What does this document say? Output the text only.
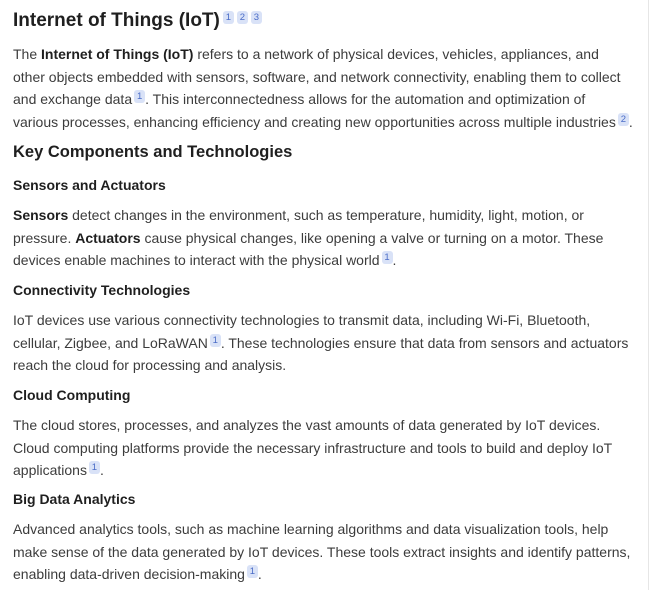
Internet of Things (IoT) 1 2 3

The Internet of Things (IoT) refers to a network of physical devices, vehicles, appliances, and other objects embedded with sensors, software, and network connectivity, enabling them to collect and exchange data 1 . This interconnectedness allows for the automation and optimization of various processes, enhancing efficiency and creating new opportunities across multiple industries 2 .

Key Components and Technologies
Sensors and Actuators

Sensors detect changes in the environment, such as temperature, humidity, light, motion, or pressure. Actuators cause physical changes, like opening a valve or turning on a motor. These devices enable machines to interact with the physical world 1 .

Connectivity Technologies

IoT devices use various connectivity technologies to transmit data, including Wi-Fi, Bluetooth, cellular, Zigbee, and LoRaWAN 1 . These technologies ensure that data from sensors and actuators reach the cloud for processing and analysis.

Cloud Computing

The cloud stores, processes, and analyzes the vast amounts of data generated by IoT devices. Cloud computing platforms provide the necessary infrastructure and tools to build and deploy IoT applications 1 .

Big Data Analytics

Advanced analytics tools, such as machine learning algorithms and data visualization tools, help make sense of the data generated by IoT devices. These tools extract insights and identify patterns, enabling data-driven decision-making 1 .
